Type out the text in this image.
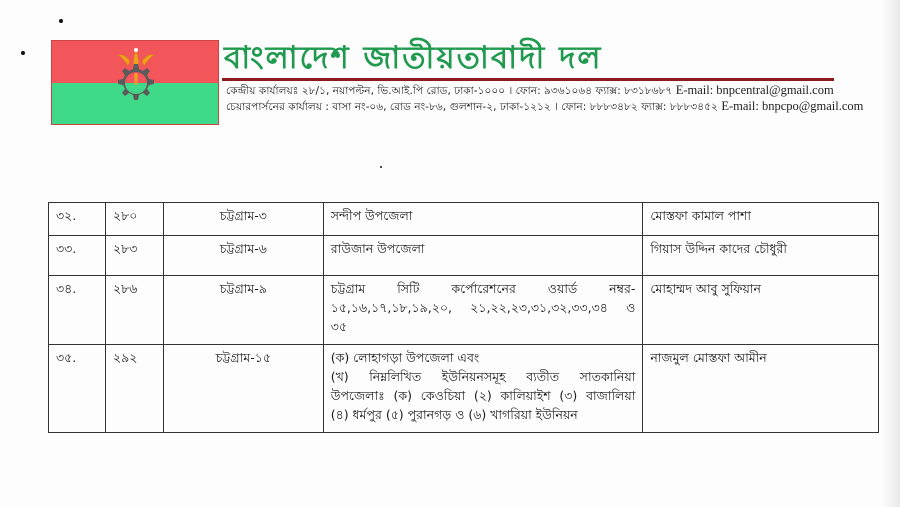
বাংলাদেশ জাতীয়তাবাদী দল
কেন্দ্রীয় কার্যালয়ঃ ২৮/১, নয়াপল্টন, ভি.আই.পি রোড, ঢাকা-১০০০ । ফোন: ৯৩৬১০৬৪ ফ্যাক্স: ৮৩১৮৬৮৭ E-mail: bnpcentral@gmail.com
চেয়ারপার্সনের কার্যালয় : বাসা নং-০৬, রোড নং-৮৬, গুলশান-২, ঢাকা-১২১২ । ফোন: ৮৮৮৩৪৮২ ফ্যাক্স: ৮৮৮৩৪৫২ E-mail: bnpcpo@gmail.com
৩২.	২৮০	চট্টগ্রাম-৩	সন্দীপ উপজেলা	মোস্তফা কামাল পাশা
৩৩.	২৮৩	চট্টগ্রাম-৬	রাউজান উপজেলা	গিয়াস উদ্দিন কাদের চৌধুরী
৩৪.	২৮৬	চট্টগ্রাম-৯	চট্টগ্রাম সিটি কর্পোরেশনের ওয়ার্ড নম্বর-
১৫,১৬,১৭,১৮,১৯,২০, ২১,২২,২৩,৩১,৩২,৩৩,৩৪ ও
৩৫	মোহাম্মদ আবু সুফিয়ান
৩৫.	২৯২	চট্টগ্রাম-১৫	(ক) লোহাগড়া উপজেলা এবং
(খ) নিম্নলিখিত ইউনিয়নসমূহ ব্যতীত সাতকানিয়া
উপজেলাঃ (ক) কেওচিয়া (২) কালিয়াইশ (৩) বাজালিয়া
(৪) ধর্মপুর (৫) পুরানগড় ও (৬) খাগরিয়া ইউনিয়ন	নাজমুল মোস্তফা আমীন
